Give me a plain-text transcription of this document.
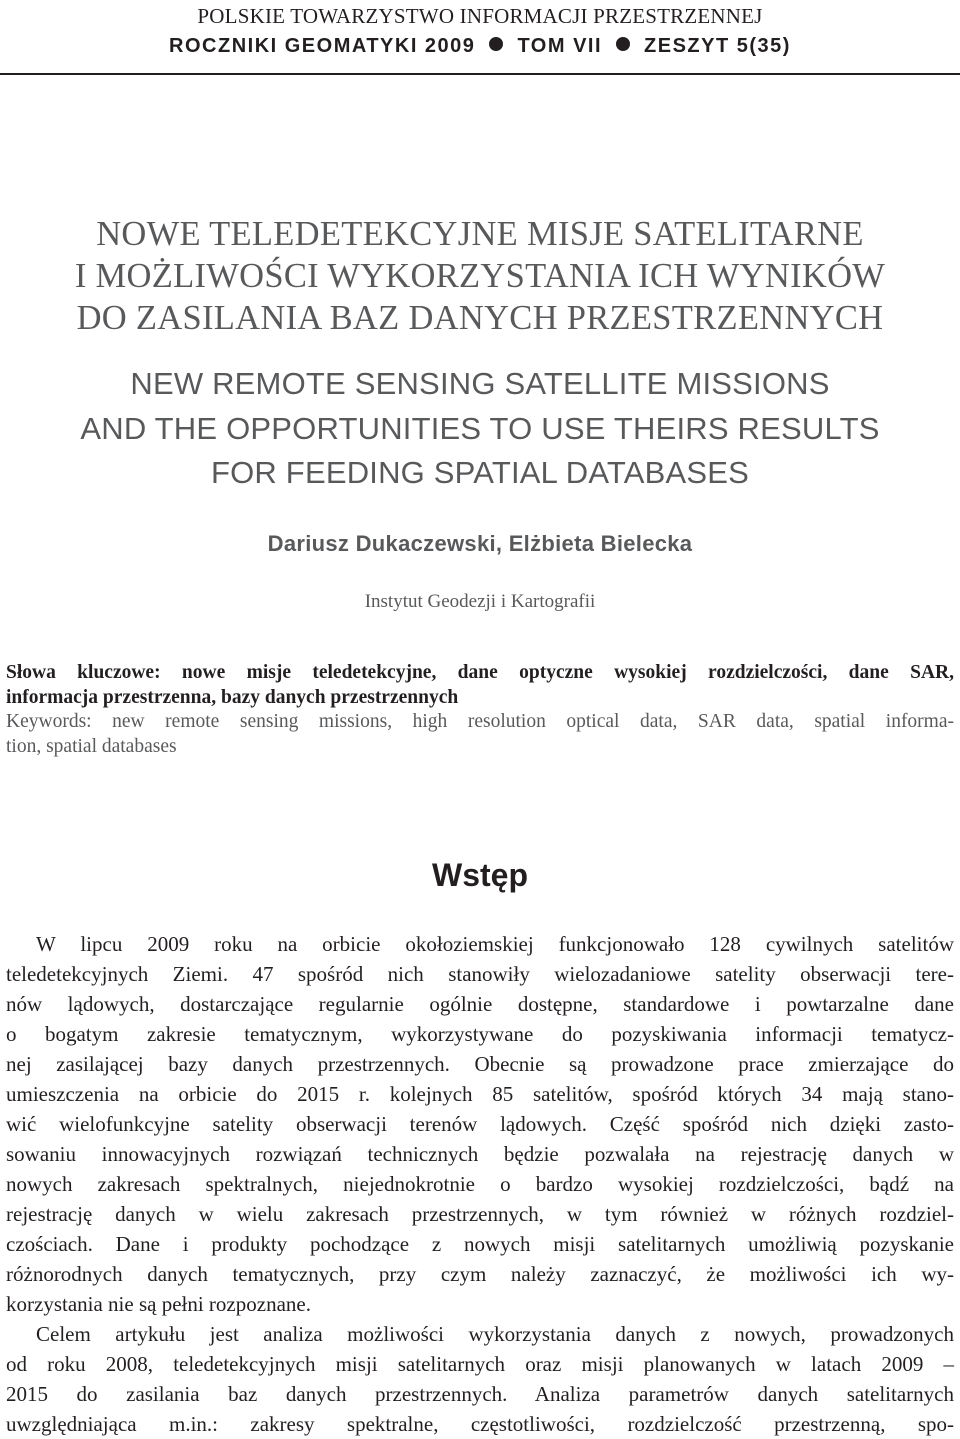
POLSKIE TOWARZYSTWO INFORMACJI PRZESTRZENNEJ
ROCZNIKI GEOMATYKI 2009 TOM VII ZESZYT 5(35)
NOWE TELEDETEKCYJNE MISJE SATELITARNE
I MOŻLIWOŚCI WYKORZYSTANIA ICH WYNIKÓW
DO ZASILANIA BAZ DANYCH PRZESTRZENNYCH
NEW REMOTE SENSING SATELLITE MISSIONS
AND THE OPPORTUNITIES TO USE THEIRS RESULTS
FOR FEEDING SPATIAL DATABASES
Dariusz Dukaczewski, Elżbieta Bielecka
Instytut Geodezji i Kartografii
Słowa kluczowe: nowe misje teledetekcyjne, dane optyczne wysokiej rozdzielczości, dane SAR,
informacja przestrzenna, bazy danych przestrzennych
Keywords: new remote sensing missions, high resolution optical data, SAR data, spatial informa-
tion, spatial databases
Wstęp
W lipcu 2009 roku na orbicie okołoziemskiej funkcjonowało 128 cywilnych satelitów
teledetekcyjnych Ziemi. 47 spośród nich stanowiły wielozadaniowe satelity obserwacji tere-
nów lądowych, dostarczające regularnie ogólnie dostępne, standardowe i powtarzalne dane
o bogatym zakresie tematycznym, wykorzystywane do pozyskiwania informacji tematycz-
nej zasilającej bazy danych przestrzennych. Obecnie są prowadzone prace zmierzające do
umieszczenia na orbicie do 2015 r. kolejnych 85 satelitów, spośród których 34 mają stano-
wić wielofunkcyjne satelity obserwacji terenów lądowych. Część spośród nich dzięki zasto-
sowaniu innowacyjnych rozwiązań technicznych będzie pozwalała na rejestrację danych w
nowych zakresach spektralnych, niejednokrotnie o bardzo wysokiej rozdzielczości, bądź na
rejestrację danych w wielu zakresach przestrzennych, w tym również w różnych rozdziel-
czościach. Dane i produkty pochodzące z nowych misji satelitarnych umożliwią pozyskanie
różnorodnych danych tematycznych, przy czym należy zaznaczyć, że możliwości ich wy-
korzystania nie są pełni rozpoznane.
Celem artykułu jest analiza możliwości wykorzystania danych z nowych, prowadzonych
od roku 2008, teledetekcyjnych misji satelitarnych oraz misji planowanych w latach 2009 –
2015 do zasilania baz danych przestrzennych. Analiza parametrów danych satelitarnych
uwzględniająca m.in.: zakresy spektralne, częstotliwości, rozdzielczość przestrzenną, spo-
